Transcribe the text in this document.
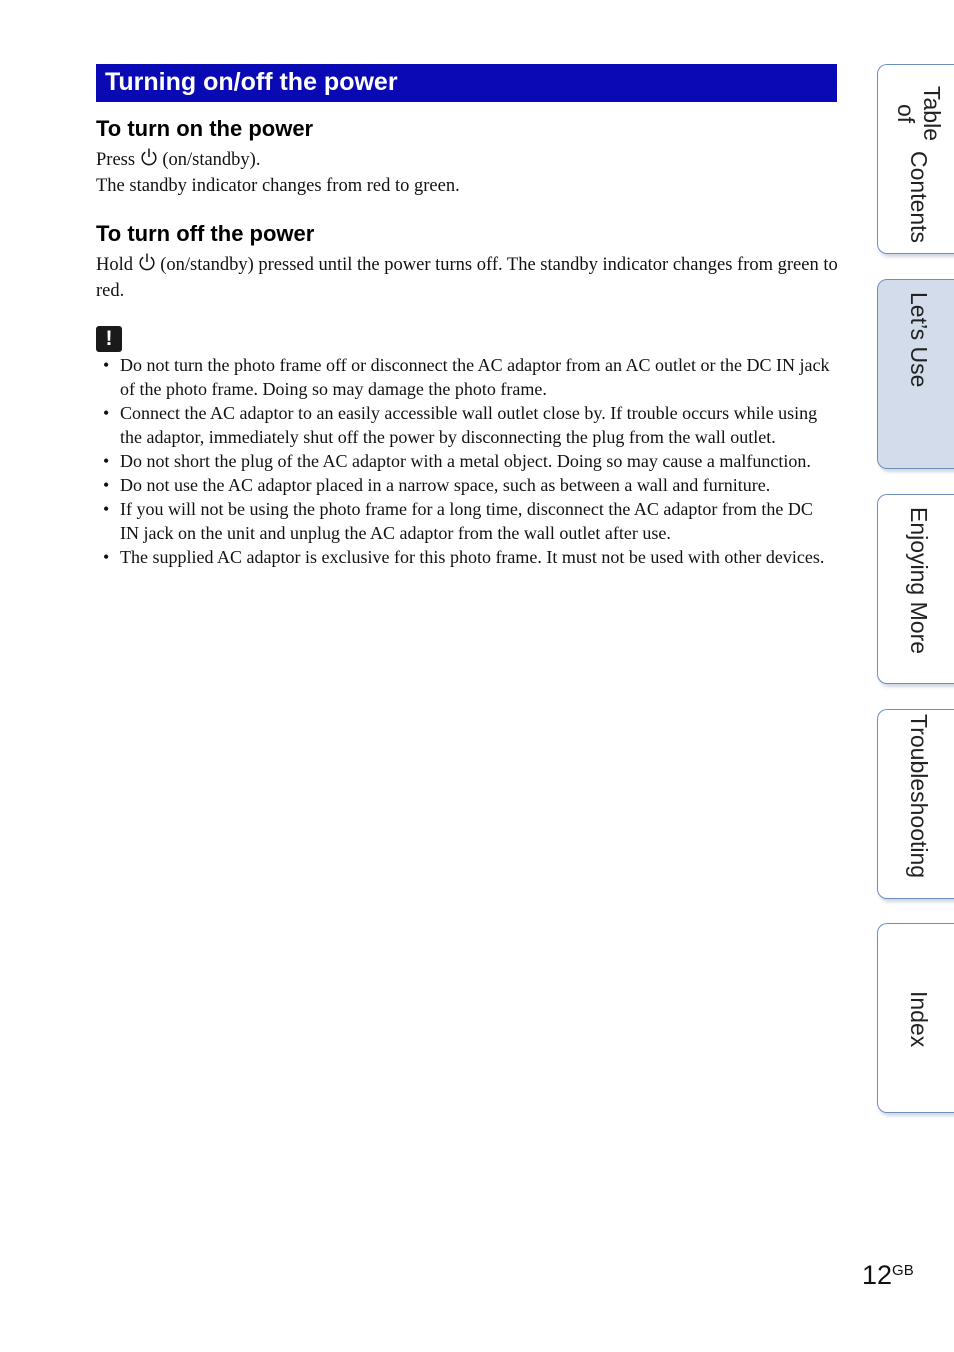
Turning on/off the power
To turn on the power
Press (on/standby).
The standby indicator changes from red to green.
To turn off the power
Hold (on/standby) pressed until the power turns off. The standby indicator changes from green to red.
!
• Do not turn the photo frame off or disconnect the AC adaptor from an AC outlet or the DC IN jack of the photo frame. Doing so may damage the photo frame.
• Connect the AC adaptor to an easily accessible wall outlet close by. If trouble occurs while using the adaptor, immediately shut off the power by disconnecting the plug from the wall outlet.
• Do not short the plug of the AC adaptor with a metal object. Doing so may cause a malfunction.
• Do not use the AC adaptor placed in a narrow space, such as between a wall and furniture.
• If you will not be using the photo frame for a long time, disconnect the AC adaptor from the DC IN jack on the unit and unplug the AC adaptor from the wall outlet after use.
• The supplied AC adaptor is exclusive for this photo frame. It must not be used with other devices.
Table of
Contents
Let’s Use
Enjoying More
Troubleshooting
Index
12GB
